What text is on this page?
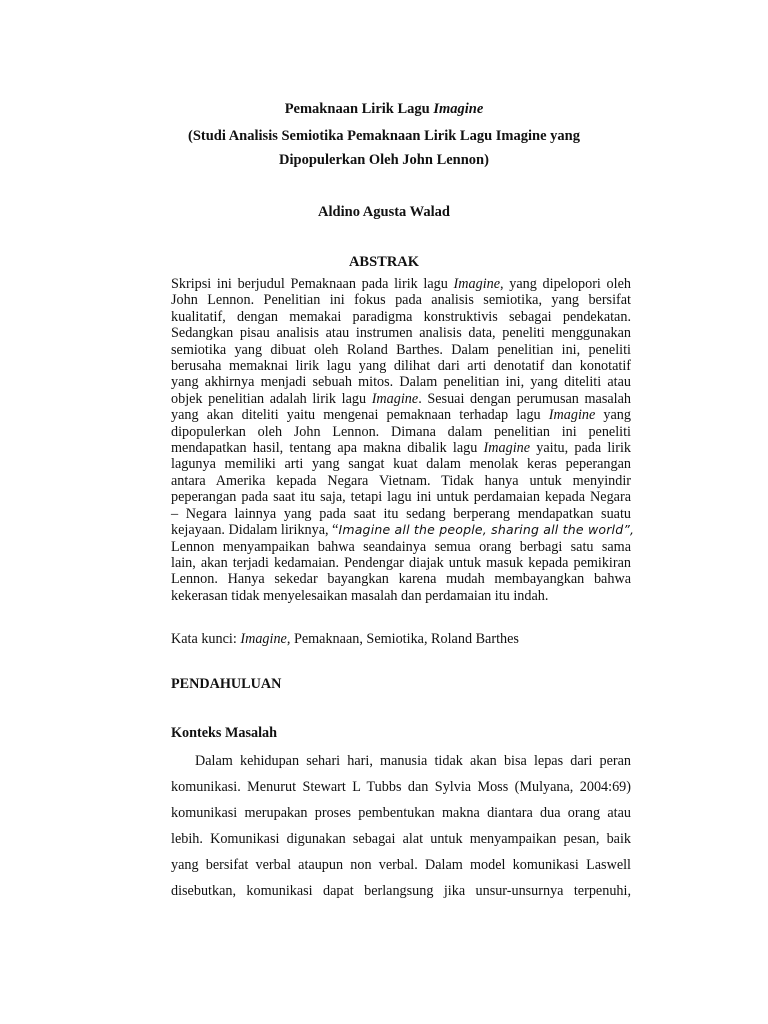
Pemaknaan Lirik Lagu Imagine
(Studi Analisis Semiotika Pemaknaan Lirik Lagu Imagine yang
Dipopulerkan Oleh John Lennon)
Aldino Agusta Walad
ABSTRAK
Skripsi ini berjudul Pemaknaan pada lirik lagu Imagine, yang dipelopori oleh
John Lennon. Penelitian ini fokus pada analisis semiotika, yang bersifat
kualitatif, dengan memakai paradigma konstruktivis sebagai pendekatan.
Sedangkan pisau analisis atau instrumen analisis data, peneliti menggunakan
semiotika yang dibuat oleh Roland Barthes. Dalam penelitian ini, peneliti
berusaha memaknai lirik lagu yang dilihat dari arti denotatif dan konotatif
yang akhirnya menjadi sebuah mitos. Dalam penelitian ini, yang diteliti atau
objek penelitian adalah lirik lagu Imagine. Sesuai dengan perumusan masalah
yang akan diteliti yaitu mengenai pemaknaan terhadap lagu Imagine yang
dipopulerkan oleh John Lennon. Dimana dalam penelitian ini peneliti
mendapatkan hasil, tentang apa makna dibalik lagu Imagine yaitu, pada lirik
lagunya memiliki arti yang sangat kuat dalam menolak keras peperangan
antara Amerika kepada Negara Vietnam. Tidak hanya untuk menyindir
peperangan pada saat itu saja, tetapi lagu ini untuk perdamaian kepada Negara
– Negara lainnya yang pada saat itu sedang berperang mendapatkan suatu
kejayaan. Didalam liriknya, “Imagine all the people, sharing all the world”,
Lennon menyampaikan bahwa seandainya semua orang berbagi satu sama
lain, akan terjadi kedamaian. Pendengar diajak untuk masuk kepada pemikiran
Lennon. Hanya sekedar bayangkan karena mudah membayangkan bahwa
kekerasan tidak menyelesaikan masalah dan perdamaian itu indah.
Kata kunci: Imagine, Pemaknaan, Semiotika, Roland Barthes
PENDAHULUAN
Konteks Masalah
Dalam kehidupan sehari hari, manusia tidak akan bisa lepas dari peran
komunikasi. Menurut Stewart L Tubbs dan Sylvia Moss (Mulyana, 2004:69)
komunikasi merupakan proses pembentukan makna diantara dua orang atau
lebih. Komunikasi digunakan sebagai alat untuk menyampaikan pesan, baik
yang bersifat verbal ataupun non verbal. Dalam model komunikasi Laswell
disebutkan, komunikasi dapat berlangsung jika unsur-unsurnya terpenuhi,
